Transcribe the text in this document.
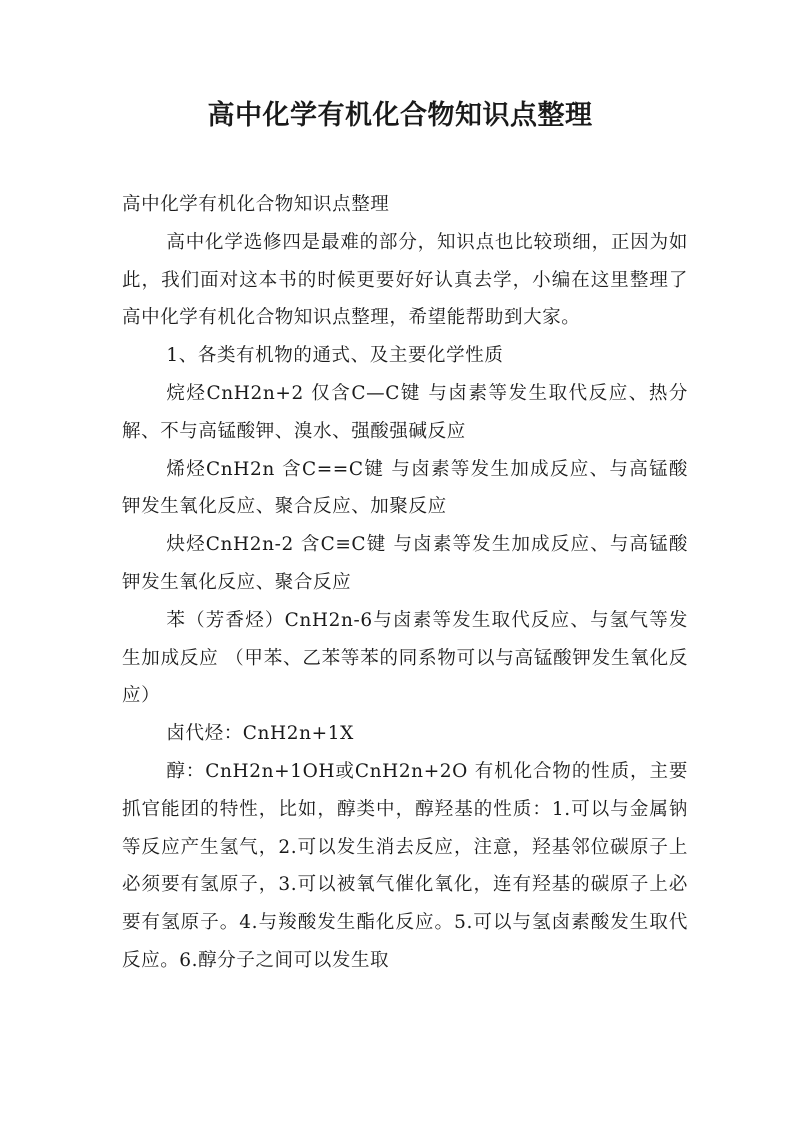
高中化学有机化合物知识点整理

高中化学有机化合物知识点整理

高中化学选修四是最难的部分，知识点也比较琐细，正因为如此，我们面对这本书的时候更要好好认真去学，小编在这里整理了高中化学有机化合物知识点整理，希望能帮助到大家。

1、各类有机物的通式、及主要化学性质

烷烃CnH2n+2 仅含C—C键 与卤素等发生取代反应、热分解、不与高锰酸钾、溴水、强酸强碱反应

烯烃CnH2n 含C==C键 与卤素等发生加成反应、与高锰酸钾发生氧化反应、聚合反应、加聚反应

炔烃CnH2n-2 含C≡C键 与卤素等发生加成反应、与高锰酸钾发生氧化反应、聚合反应

苯（芳香烃）CnH2n-6与卤素等发生取代反应、与氢气等发生加成反应 （甲苯、乙苯等苯的同系物可以与高锰酸钾发生氧化反应）

卤代烃：CnH2n+1X

醇：CnH2n+1OH或CnH2n+2O 有机化合物的性质，主要抓官能团的特性，比如，醇类中，醇羟基的性质：1.可以与金属钠等反应产生氢气，2.可以发生消去反应，注意，羟基邻位碳原子上必须要有氢原子，3.可以被氧气催化氧化，连有羟基的碳原子上必要有氢原子。4.与羧酸发生酯化反应。5.可以与氢卤素酸发生取代反应。6.醇分子之间可以发生取
